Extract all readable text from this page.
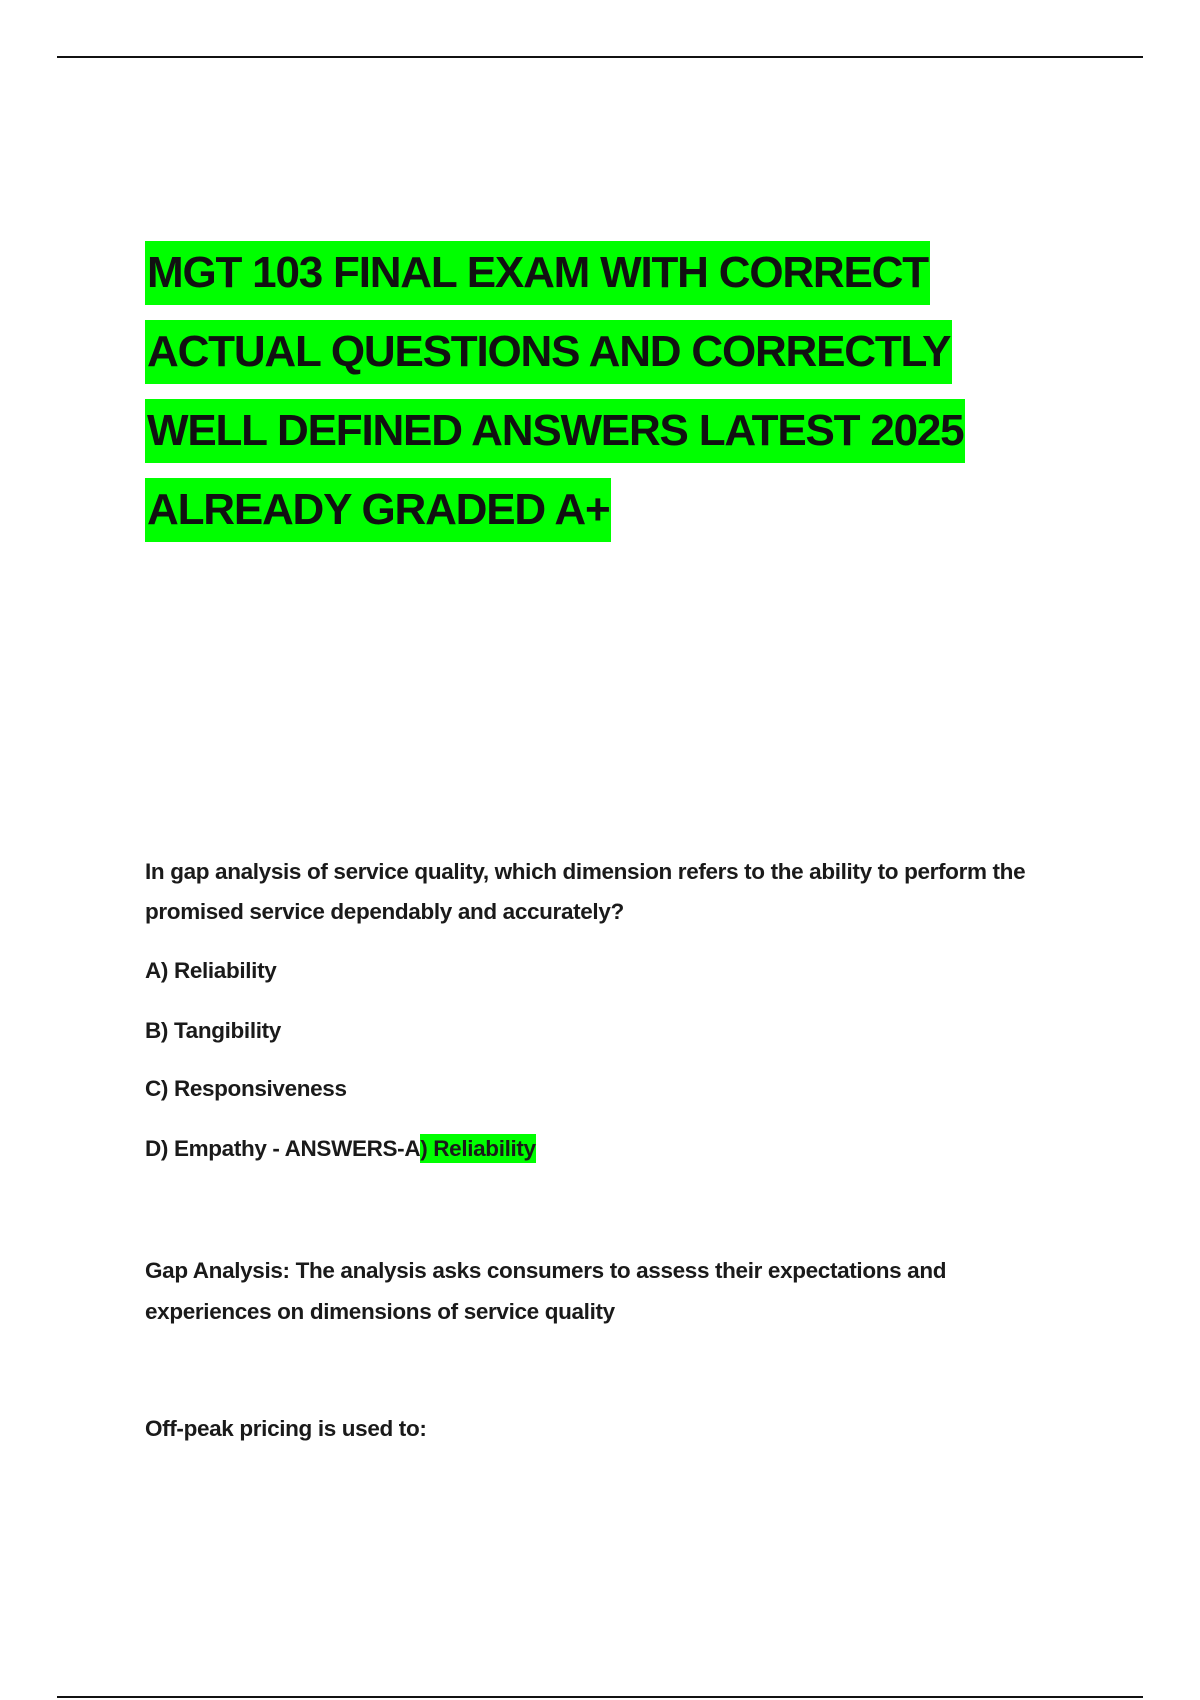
MGT 103 FINAL EXAM WITH CORRECT
ACTUAL QUESTIONS AND CORRECTLY
WELL DEFINED ANSWERS LATEST 2025
ALREADY GRADED A+
In gap analysis of service quality, which dimension refers to the ability to perform the promised service dependably and accurately?
A) Reliability
B) Tangibility
C) Responsiveness
D) Empathy - ANSWERS-A) Reliability
Gap Analysis: The analysis asks consumers to assess their expectations and experiences on dimensions of service quality
Off-peak pricing is used to:
